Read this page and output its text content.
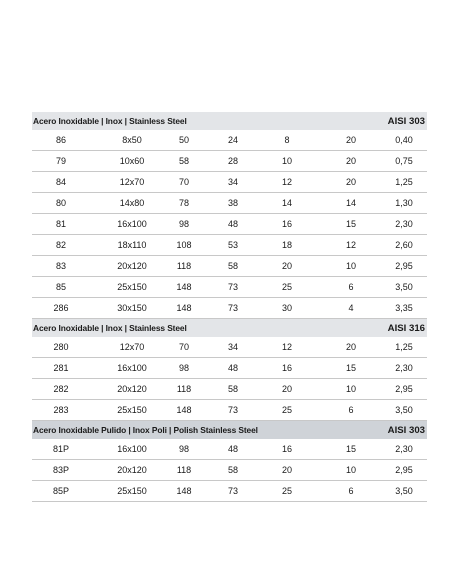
Acero Inoxidable | Inox | Stainless Steel	AISI 303
86	8x50	50	24	8	20	0,40
79	10x60	58	28	10	20	0,75
84	12x70	70	34	12	20	1,25
80	14x80	78	38	14	14	1,30
81	16x100	98	48	16	15	2,30
82	18x110	108	53	18	12	2,60
83	20x120	118	58	20	10	2,95
85	25x150	148	73	25	6	3,50
286	30x150	148	73	30	4	3,35
Acero Inoxidable | Inox | Stainless Steel	AISI 316
280	12x70	70	34	12	20	1,25
281	16x100	98	48	16	15	2,30
282	20x120	118	58	20	10	2,95
283	25x150	148	73	25	6	3,50
Acero Inoxidable Pulido | Inox Poli | Polish Stainless Steel	AISI 303
81P	16x100	98	48	16	15	2,30
83P	20x120	118	58	20	10	2,95
85P	25x150	148	73	25	6	3,50
